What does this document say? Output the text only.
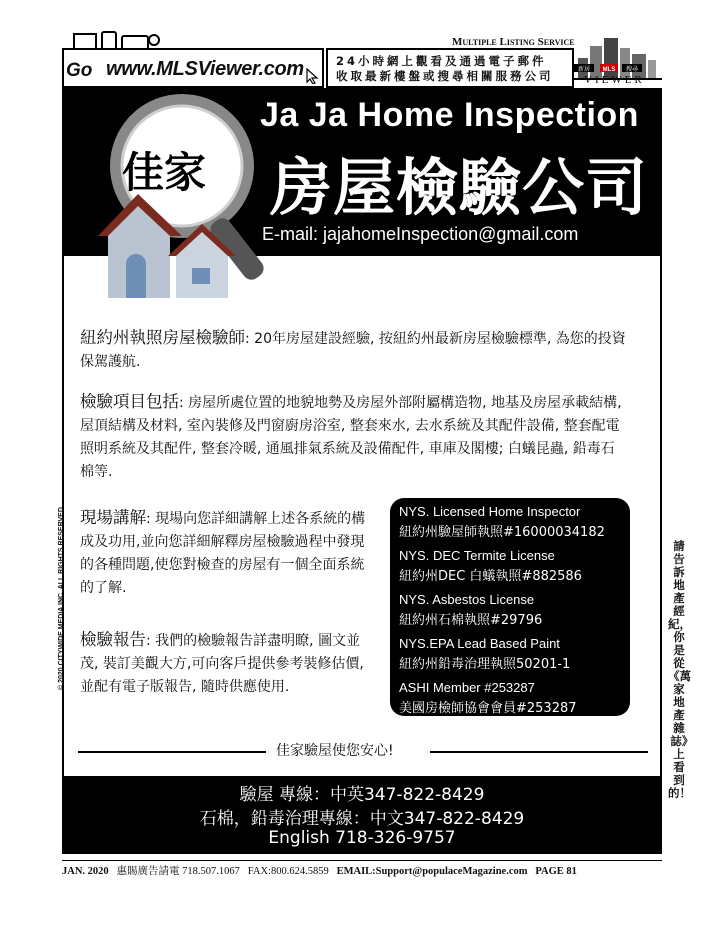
Go www.MLSViewer.com	24小時網上觀看及通過電子郵件
收取最新樓盤或搜尋相關服務公司
Multiple Listing Service
新居 MLS 搜尋
VIEWER
Ja Ja Home Inspection
房屋檢驗公司
E-mail: jajahomeInspection@gmail.com
佳家
紐約州執照房屋檢驗師: 20年房屋建設經驗, 按紐約州最新房屋檢驗標準, 為您的投資保駕護航.
檢驗項目包括: 房屋所處位置的地貌地勢及房屋外部附屬構造物, 地基及房屋承載結構, 屋頂結構及材料, 室內裝修及門窗廚房浴室, 整套來水, 去水系統及其配件設備, 整套配電照明系統及其配件, 整套冷暖, 通風排氣系統及設備配件, 車庫及閣樓; 白蟻昆蟲, 鉛毒石棉等.
現場講解: 現場向您詳細講解上述各系統的構成及功用,並向您詳細解釋房屋檢驗過程中發現的各種問題,使您對檢查的房屋有一個全面系統的了解.
檢驗報告: 我們的檢驗報告詳盡明瞭, 圖文並茂, 裝訂美觀大方,可向客戶提供參考裝修估價,並配有電子版報告, 隨時供應使用.
NYS. Licensed Home Inspector
紐約州驗屋師執照#16000034182
NYS. DEC Termite License
紐約州DEC 白蟻執照#882586
NYS. Asbestos License
紐約州石棉執照#29796
NYS.EPA Lead Based Paint
紐約州鉛毒治理執照50201-1
ASHI Member #253287
美國房檢師協會會員#253287
佳家驗屋使您安心!
驗屋 專線：中英347-822-8429
石棉，鉛毒治理專線：中文347-822-8429
English 718-326-9757
JAN. 2020 惠賜廣告請電 718.507.1067 FAX:800.624.5859 EMAIL:Support@populaceMagazine.com PAGE 81
© 2020 CITYWIDE MEDIA INC. ALL RIGHTS RESERVED	請告訴地產經紀，你是從《萬家地產雜誌》上看到的！
